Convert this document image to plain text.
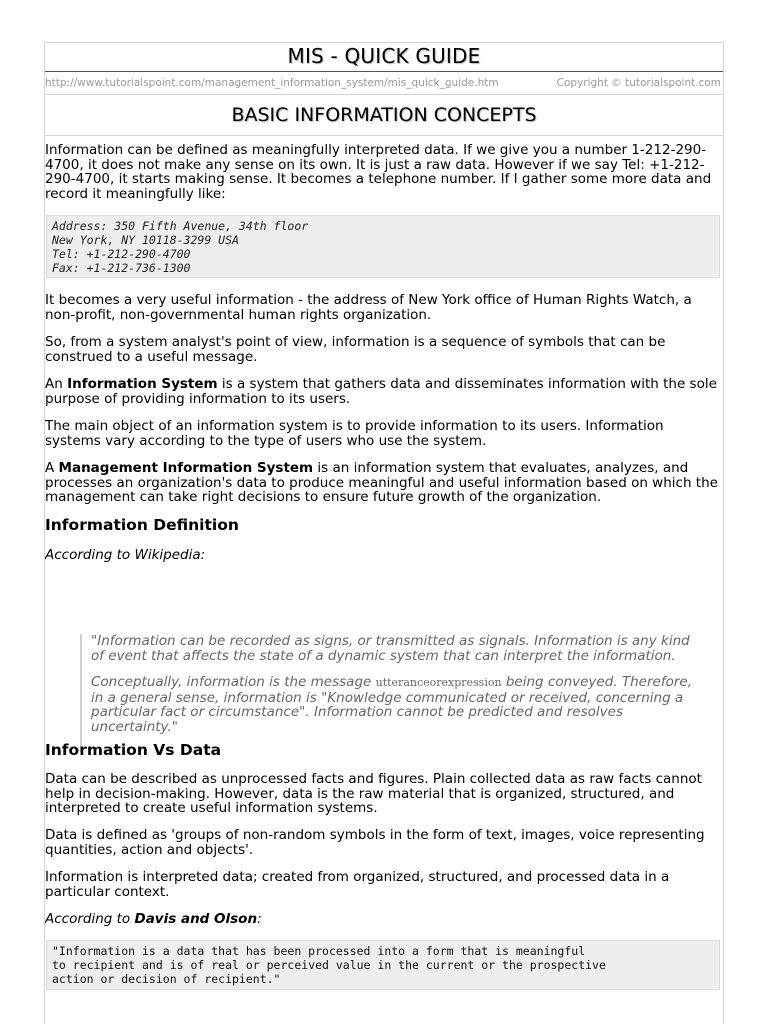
MIS - QUICK GUIDE
http://www.tutorialspoint.com/management_information_system/mis_quick_guide.htm	Copyright © tutorialspoint.com
BASIC INFORMATION CONCEPTS

Information can be defined as meaningfully interpreted data. If we give you a number 1-212-290-4700, it does not make any sense on its own. It is just a raw data. However if we say Tel: +1-212-290-4700, it starts making sense. It becomes a telephone number. If I gather some more data and record it meaningfully like:

Address: 350 Fifth Avenue, 34th floor
New York, NY 10118-3299 USA
Tel: +1-212-290-4700
Fax: +1-212-736-1300

It becomes a very useful information - the address of New York office of Human Rights Watch, a non-profit, non-governmental human rights organization.

So, from a system analyst's point of view, information is a sequence of symbols that can be construed to a useful message.

An Information System is a system that gathers data and disseminates information with the sole purpose of providing information to its users.

The main object of an information system is to provide information to its users. Information systems vary according to the type of users who use the system.

A Management Information System is an information system that evaluates, analyzes, and processes an organization's data to produce meaningful and useful information based on which the management can take right decisions to ensure future growth of the organization.

Information Definition

According to Wikipedia:

"Information can be recorded as signs, or transmitted as signals. Information is any kind of event that affects the state of a dynamic system that can interpret the information.

Conceptually, information is the message utteranceorexpression being conveyed. Therefore, in a general sense, information is "Knowledge communicated or received, concerning a particular fact or circumstance". Information cannot be predicted and resolves uncertainty."

Information Vs Data

Data can be described as unprocessed facts and figures. Plain collected data as raw facts cannot help in decision-making. However, data is the raw material that is organized, structured, and interpreted to create useful information systems.

Data is defined as 'groups of non-random symbols in the form of text, images, voice representing quantities, action and objects'.

Information is interpreted data; created from organized, structured, and processed data in a particular context.

According to Davis and Olson:

"Information is a data that has been processed into a form that is meaningful
to recipient and is of real or perceived value in the current or the prospective
action or decision of recipient."
